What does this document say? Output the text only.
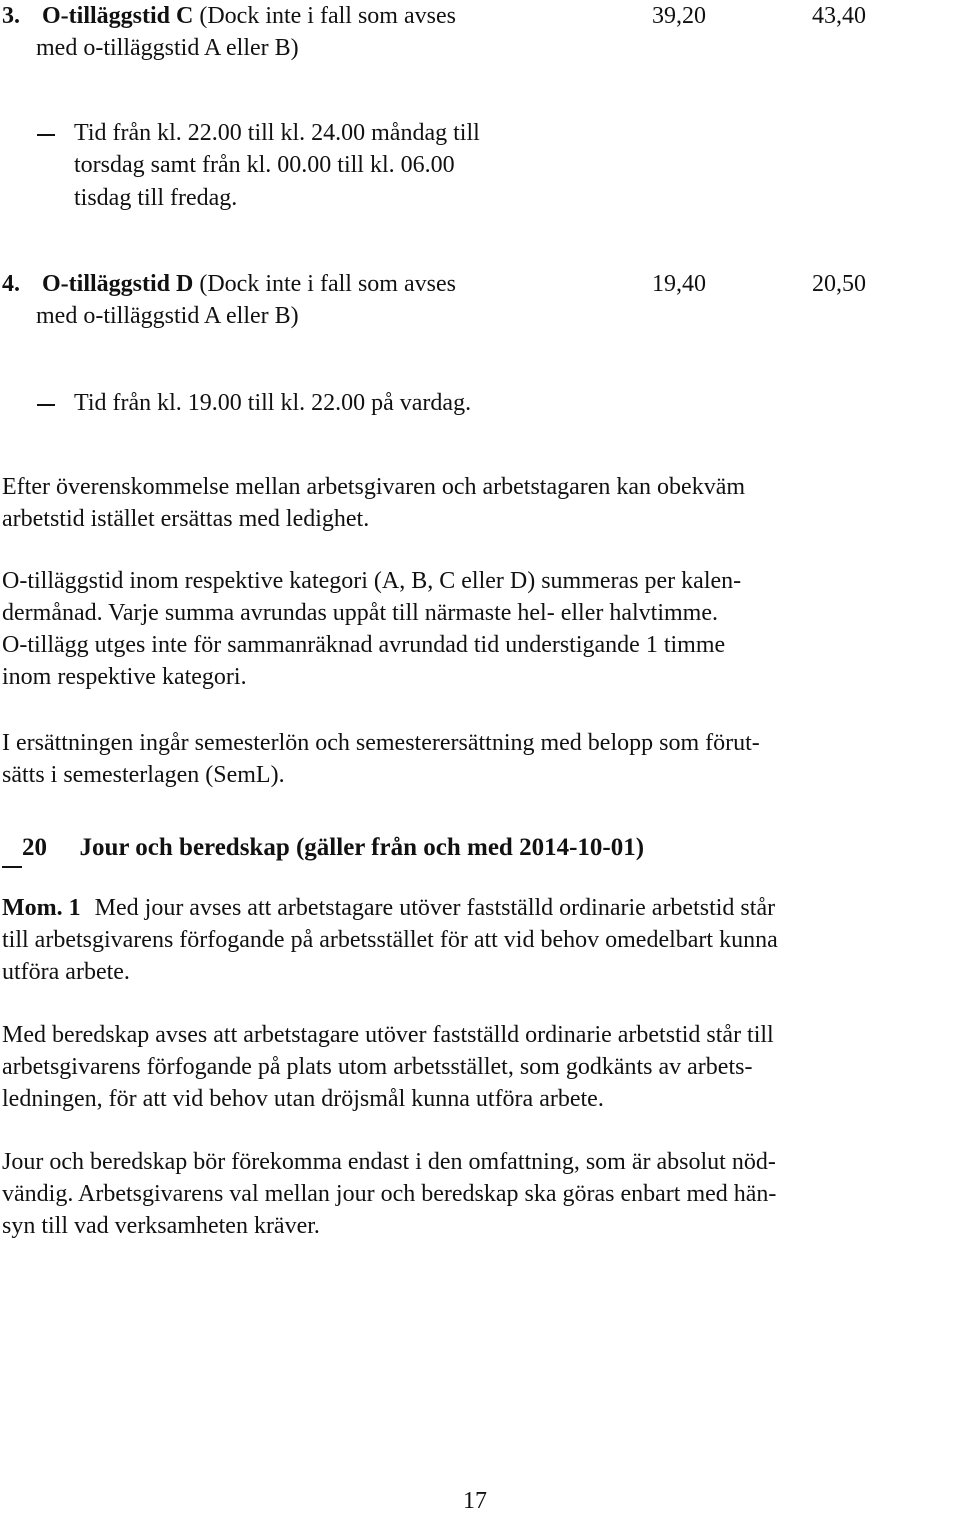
3. O-tilläggstid C (Dock inte i fall som avses
med o-tilläggstid A eller B)
39,20	43,40
Tid från kl. 22.00 till kl. 24.00 måndag till
torsdag samt från kl. 00.00 till kl. 06.00
tisdag till fredag.
4. O-tilläggstid D (Dock inte i fall som avses
med o-tilläggstid A eller B)
19,40	20,50
Tid från kl. 19.00 till kl. 22.00 på vardag.
Efter överenskommelse mellan arbetsgivaren och arbetstagaren kan obekväm
arbetstid istället ersättas med ledighet.
O-tilläggstid inom respektive kategori (A, B, C eller D) summeras per kalen-
dermånad. Varje summa avrundas uppåt till närmaste hel- eller halvtimme.
O-tillägg utges inte för sammanräknad avrundad tid understigande 1 timme
inom respektive kategori.
I ersättningen ingår semesterlön och semesterersättning med belopp som förut-
sätts i semesterlagen (SemL).
20 Jour och beredskap (gäller från och med 2014-10-01)
Mom. 1 Med jour avses att arbetstagare utöver fastställd ordinarie arbetstid står
till arbetsgivarens förfogande på arbetsstället för att vid behov omedelbart kunna
utföra arbete.
Med beredskap avses att arbetstagare utöver fastställd ordinarie arbetstid står till
arbetsgivarens förfogande på plats utom arbetsstället, som godkänts av arbets-
ledningen, för att vid behov utan dröjsmål kunna utföra arbete.
Jour och beredskap bör förekomma endast i den omfattning, som är absolut nöd-
vändig. Arbetsgivarens val mellan jour och beredskap ska göras enbart med hän-
syn till vad verksamheten kräver.
17
